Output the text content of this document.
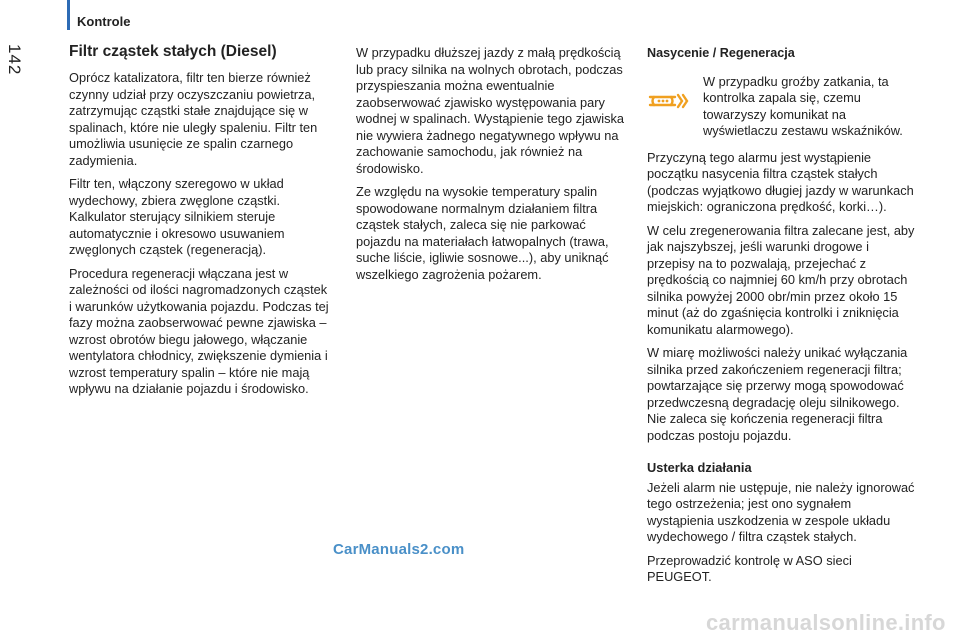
Kontrole
142	Filtr cząstek stałych (Diesel)

Oprócz katalizatora, filtr ten bierze również czynny udział przy oczyszczaniu powietrza, zatrzymując cząstki stałe znajdujące się w spalinach, które nie uległy spaleniu. Filtr ten umożliwia usunięcie ze spalin czarnego zadymienia.

Filtr ten, włączony szeregowo w układ wydechowy, zbiera zwęglone cząstki. Kalkulator sterujący silnikiem steruje automatycznie i okresowo usuwaniem zwęglonych cząstek (regeneracją).

Procedura regeneracji włączana jest w zależności od ilości nagromadzonych cząstek i warunków użytkowania pojazdu. Podczas tej fazy można zaobserwować pewne zjawiska – wzrost obrotów biegu jałowego, włączanie wentylatora chłodnicy, zwiększenie dymienia i wzrost temperatury spalin – które nie mają wpływu na działanie pojazdu i środowisko.

W przypadku dłuższej jazdy z małą prędkością lub pracy silnika na wolnych obrotach, podczas przyspieszania można ewentualnie zaobserwować zjawisko występowania pary wodnej w spalinach. Wystąpienie tego zjawiska nie wywiera żadnego negatywnego wpływu na zachowanie samochodu, jak również na środowisko.

Ze względu na wysokie temperatury spalin spowodowane normalnym działaniem filtra cząstek stałych, zaleca się nie parkować pojazdu na materiałach łatwopalnych (trawa, suche liście, igliwie sosnowe...), aby uniknąć wszelkiego zagrożenia pożarem.

Nasycenie / Regeneracja
W przypadku groźby zatkania, ta kontrolka zapala się, czemu towarzyszy komunikat na wyświetlaczu zestawu wskaźników.

Przyczyną tego alarmu jest wystąpienie początku nasycenia filtra cząstek stałych (podczas wyjątkowo długiej jazdy w warunkach miejskich: ograniczona prędkość, korki…).

W celu zregenerowania filtra zalecane jest, aby jak najszybszej, jeśli warunki drogowe i przepisy na to pozwalają, przejechać z prędkością co najmniej 60 km/h przy obrotach silnika powyżej 2000 obr/min przez około 15 minut (aż do zgaśnięcia kontrolki i zniknięcia komunikatu alarmowego).

W miarę możliwości należy unikać wyłączania silnika przed zakończeniem regeneracji filtra; powtarzające się przerwy mogą spowodować przedwczesną degradację oleju silnikowego. Nie zaleca się kończenia regeneracji filtra podczas postoju pojazdu.

Usterka działania

Jeżeli alarm nie ustępuje, nie należy ignorować tego ostrzeżenia; jest ono sygnałem wystąpienia uszkodzenia w zespole układu wydechowego / filtra cząstek stałych.

Przeprowadzić kontrolę w ASO sieci PEUGEOT.

CarManuals2.com
carmanualsonline.info
